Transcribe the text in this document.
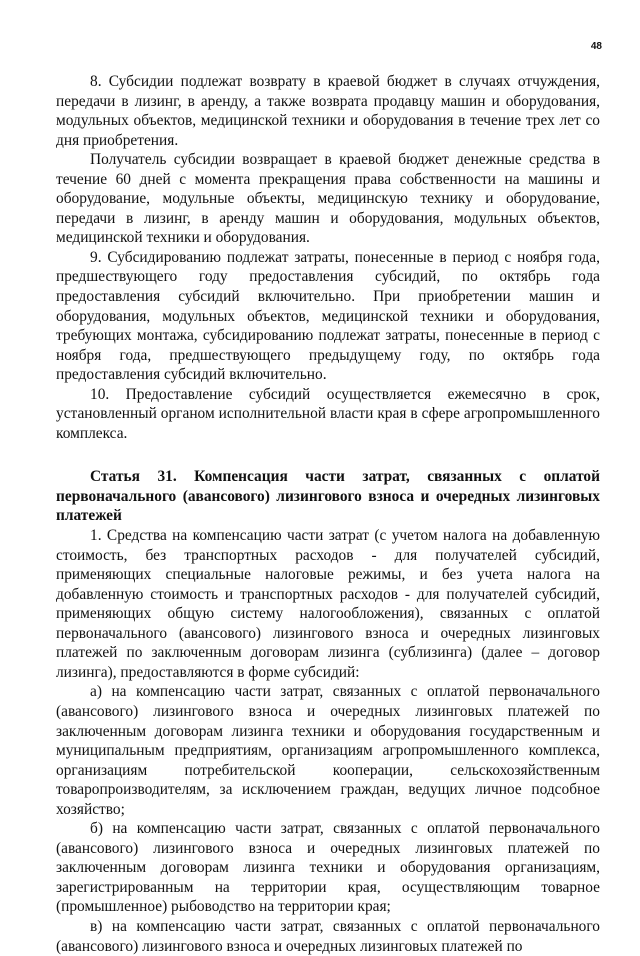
48

8. Субсидии подлежат возврату в краевой бюджет в случаях отчуждения, передачи в лизинг, в аренду, а также возврата продавцу машин и оборудования, модульных объектов, медицинской техники и оборудования в течение трех лет со дня приобретения.

Получатель субсидии возвращает в краевой бюджет денежные средства в течение 60 дней с момента прекращения права собственности на машины и оборудование, модульные объекты, медицинскую технику и оборудование, передачи в лизинг, в аренду машин и оборудования, модульных объектов, медицинской техники и оборудования.

9. Субсидированию подлежат затраты, понесенные в период с ноября года, предшествующего году предоставления субсидий, по октябрь года предоставления субсидий включительно. При приобретении машин и оборудования, модульных объектов, медицинской техники и оборудования, требующих монтажа, субсидированию подлежат затраты, понесенные в период с ноября года, предшествующего предыдущему году, по октябрь года предоставления субсидий включительно.

10. Предоставление субсидий осуществляется ежемесячно в срок, установленный органом исполнительной власти края в сфере агропромышленного комплекса.

Статья 31. Компенсация части затрат, связанных с оплатой первоначального (авансового) лизингового взноса и очередных лизинговых платежей

1. Средства на компенсацию части затрат (с учетом налога на добавленную стоимость, без транспортных расходов - для получателей субсидий, применяющих специальные налоговые режимы, и без учета налога на добавленную стоимость и транспортных расходов - для получателей субсидий, применяющих общую систему налогообложения), связанных с оплатой первоначального (авансового) лизингового взноса и очередных лизинговых платежей по заключенным договорам лизинга (сублизинга) (далее – договор лизинга), предоставляются в форме субсидий:

а) на компенсацию части затрат, связанных с оплатой первоначального (авансового) лизингового взноса и очередных лизинговых платежей по заключенным договорам лизинга техники и оборудования государственным и муниципальным предприятиям, организациям агропромышленного комплекса, организациям потребительской кооперации, сельскохозяйственным товаропроизводителям, за исключением граждан, ведущих личное подсобное хозяйство;

б) на компенсацию части затрат, связанных с оплатой первоначального (авансового) лизингового взноса и очередных лизинговых платежей по заключенным договорам лизинга техники и оборудования организациям, зарегистрированным на территории края, осуществляющим товарное (промышленное) рыбоводство на территории края;

в) на компенсацию части затрат, связанных с оплатой первоначального (авансового) лизингового взноса и очередных лизинговых платежей по
